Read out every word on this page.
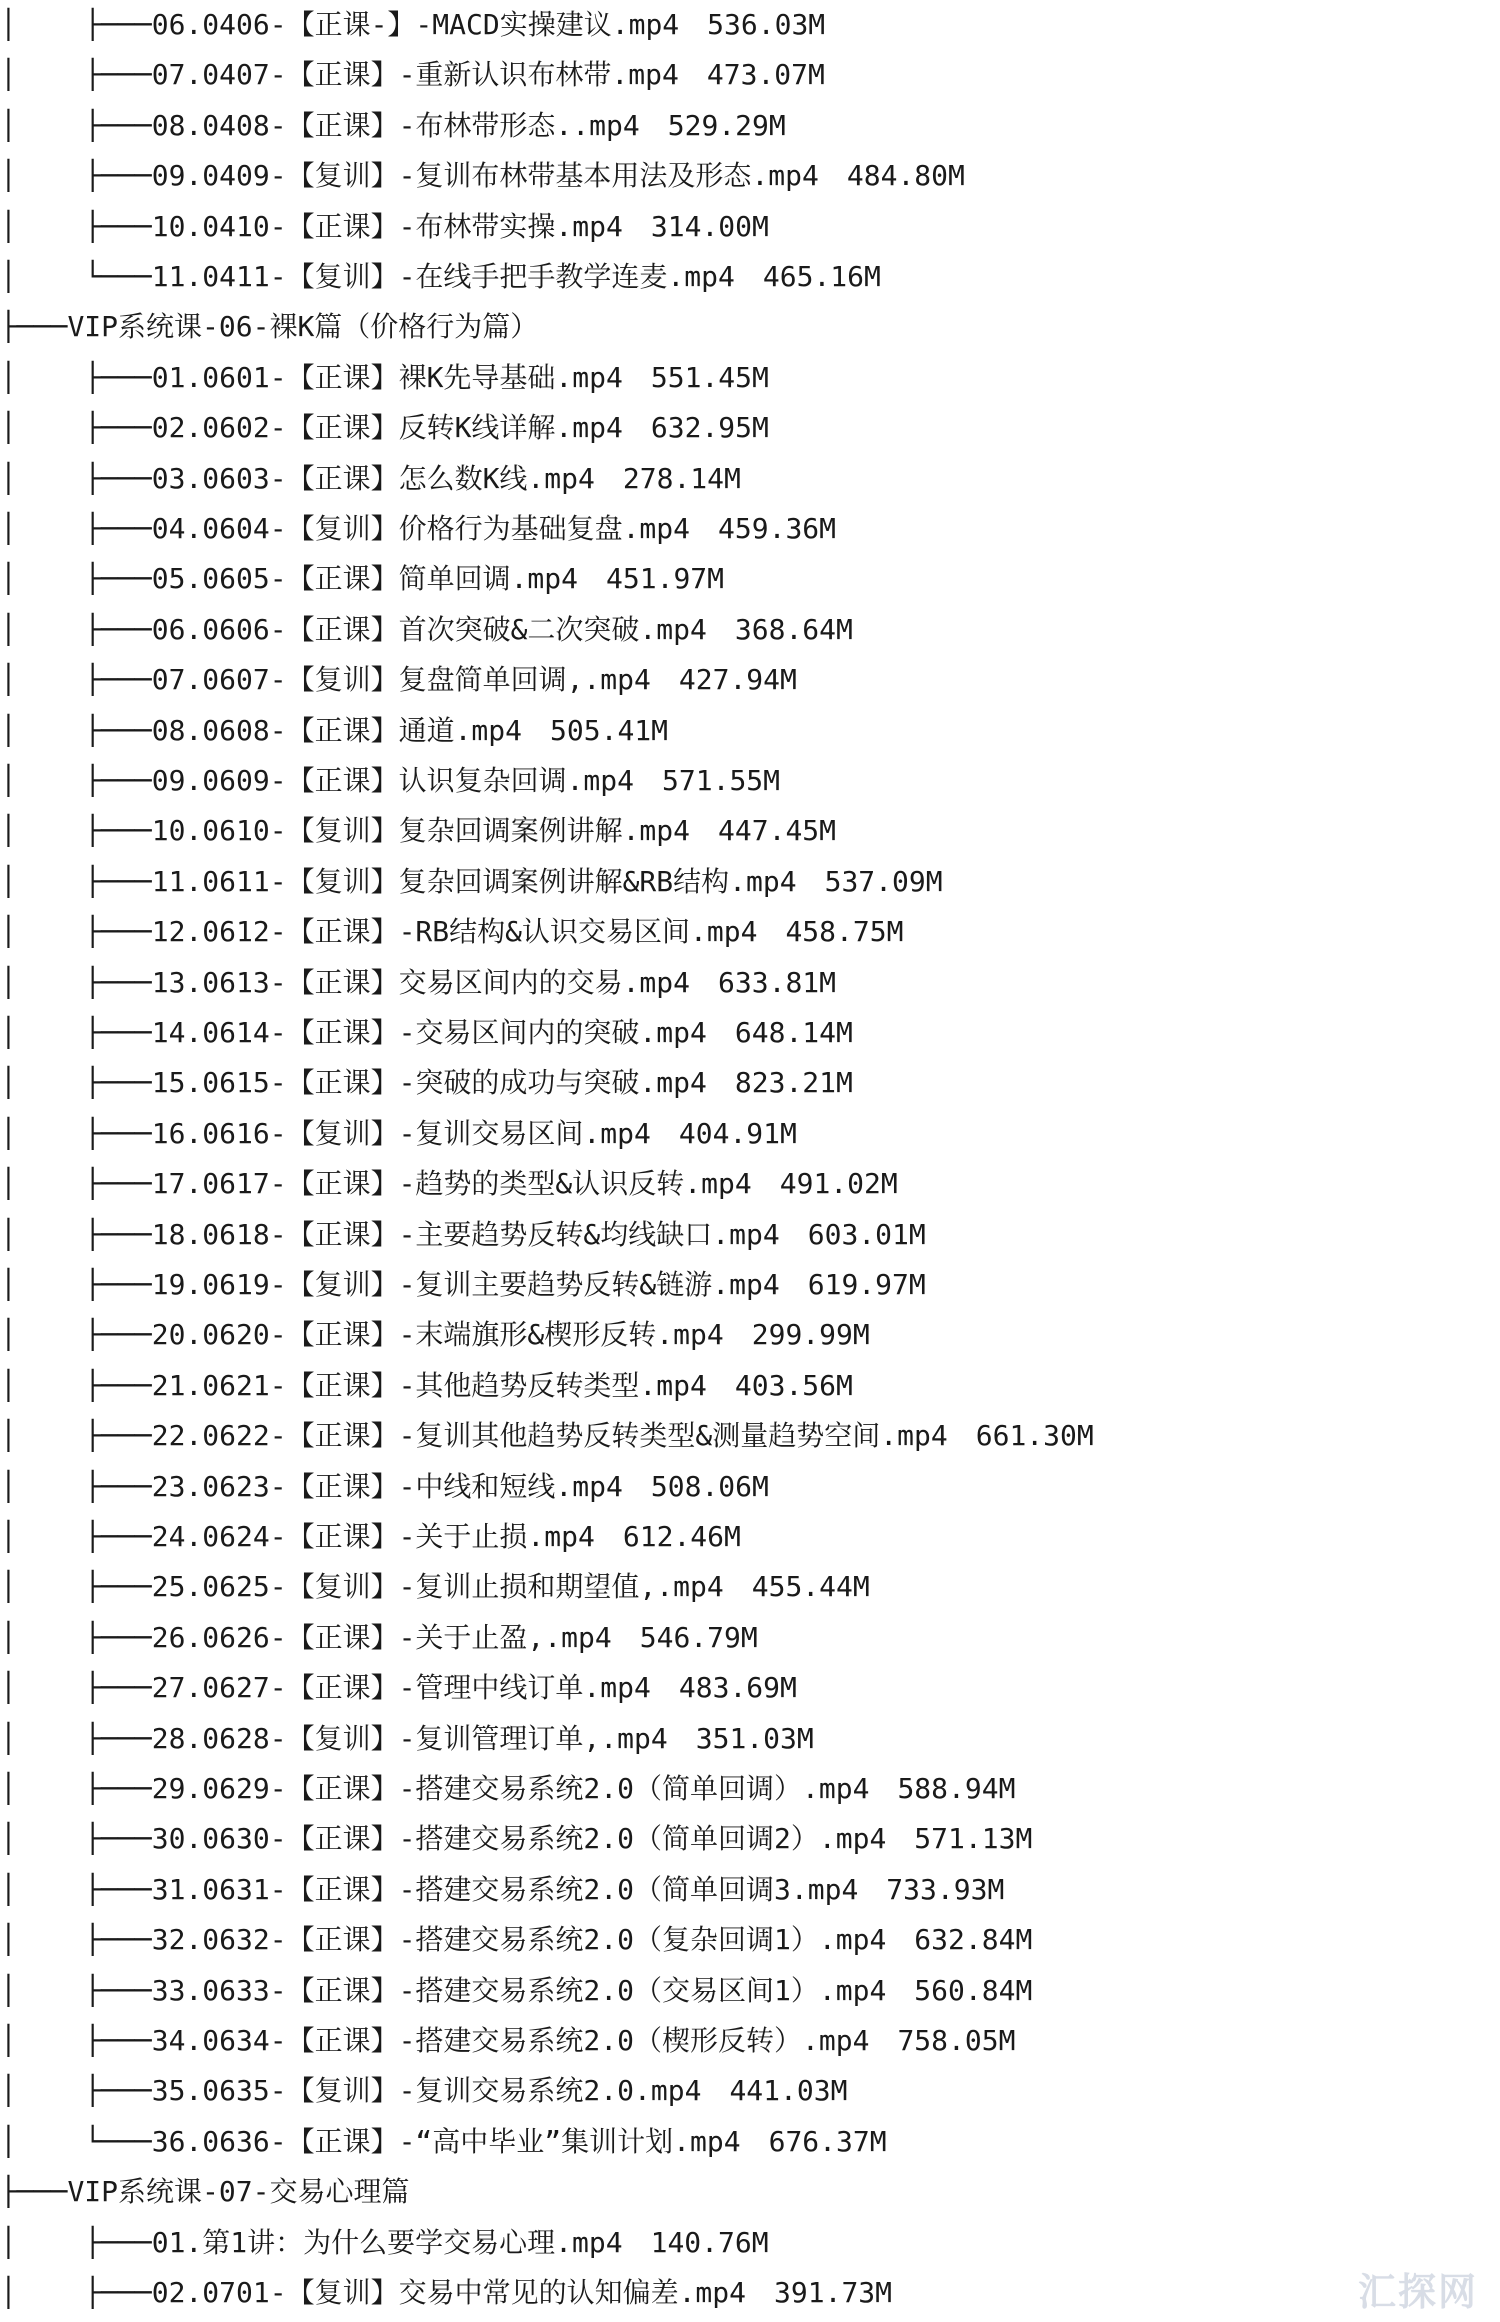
│    ├───06.0406-【正课-】-MACD实操建议.mp4 536.03M
│    ├───07.0407-【正课】-重新认识布林带.mp4 473.07M
│    ├───08.0408-【正课】-布林带形态..mp4 529.29M
│    ├───09.0409-【复训】-复训布林带基本用法及形态.mp4 484.80M
│    ├───10.0410-【正课】-布林带实操.mp4 314.00M
│    └───11.0411-【复训】-在线手把手教学连麦.mp4 465.16M
├───VIP系统课-06-裸K篇（价格行为篇）
│    ├───01.0601-【正课】裸K先导基础.mp4 551.45M
│    ├───02.0602-【正课】反转K线详解.mp4 632.95M
│    ├───03.0603-【正课】怎么数K线.mp4 278.14M
│    ├───04.0604-【复训】价格行为基础复盘.mp4 459.36M
│    ├───05.0605-【正课】简单回调.mp4 451.97M
│    ├───06.0606-【正课】首次突破&二次突破.mp4 368.64M
│    ├───07.0607-【复训】复盘简单回调,.mp4 427.94M
│    ├───08.0608-【正课】通道.mp4 505.41M
│    ├───09.0609-【正课】认识复杂回调.mp4 571.55M
│    ├───10.0610-【复训】复杂回调案例讲解.mp4 447.45M
│    ├───11.0611-【复训】复杂回调案例讲解&RB结构.mp4 537.09M
│    ├───12.0612-【正课】-RB结构&认识交易区间.mp4 458.75M
│    ├───13.0613-【正课】交易区间内的交易.mp4 633.81M
│    ├───14.0614-【正课】-交易区间内的突破.mp4 648.14M
│    ├───15.0615-【正课】-突破的成功与突破.mp4 823.21M
│    ├───16.0616-【复训】-复训交易区间.mp4 404.91M
│    ├───17.0617-【正课】-趋势的类型&认识反转.mp4 491.02M
│    ├───18.0618-【正课】-主要趋势反转&均线缺口.mp4 603.01M
│    ├───19.0619-【复训】-复训主要趋势反转&链游.mp4 619.97M
│    ├───20.0620-【正课】-末端旗形&楔形反转.mp4 299.99M
│    ├───21.0621-【正课】-其他趋势反转类型.mp4 403.56M
│    ├───22.0622-【正课】-复训其他趋势反转类型&测量趋势空间.mp4 661.30M
│    ├───23.0623-【正课】-中线和短线.mp4 508.06M
│    ├───24.0624-【正课】-关于止损.mp4 612.46M
│    ├───25.0625-【复训】-复训止损和期望值,.mp4 455.44M
│    ├───26.0626-【正课】-关于止盈,.mp4 546.79M
│    ├───27.0627-【正课】-管理中线订单.mp4 483.69M
│    ├───28.0628-【复训】-复训管理订单,.mp4 351.03M
│    ├───29.0629-【正课】-搭建交易系统2.0（简单回调）.mp4 588.94M
│    ├───30.0630-【正课】-搭建交易系统2.0（简单回调2）.mp4 571.13M
│    ├───31.0631-【正课】-搭建交易系统2.0（简单回调3.mp4 733.93M
│    ├───32.0632-【正课】-搭建交易系统2.0（复杂回调1）.mp4 632.84M
│    ├───33.0633-【正课】-搭建交易系统2.0（交易区间1）.mp4 560.84M
│    ├───34.0634-【正课】-搭建交易系统2.0（楔形反转）.mp4 758.05M
│    ├───35.0635-【复训】-复训交易系统2.0.mp4 441.03M
│    └───36.0636-【正课】-“高中毕业”集训计划.mp4 676.37M
├───VIP系统课-07-交易心理篇
│    ├───01.第1讲：为什么要学交易心理.mp4 140.76M
│    ├───02.0701-【复训】交易中常见的认知偏差.mp4 391.73M	汇探网
